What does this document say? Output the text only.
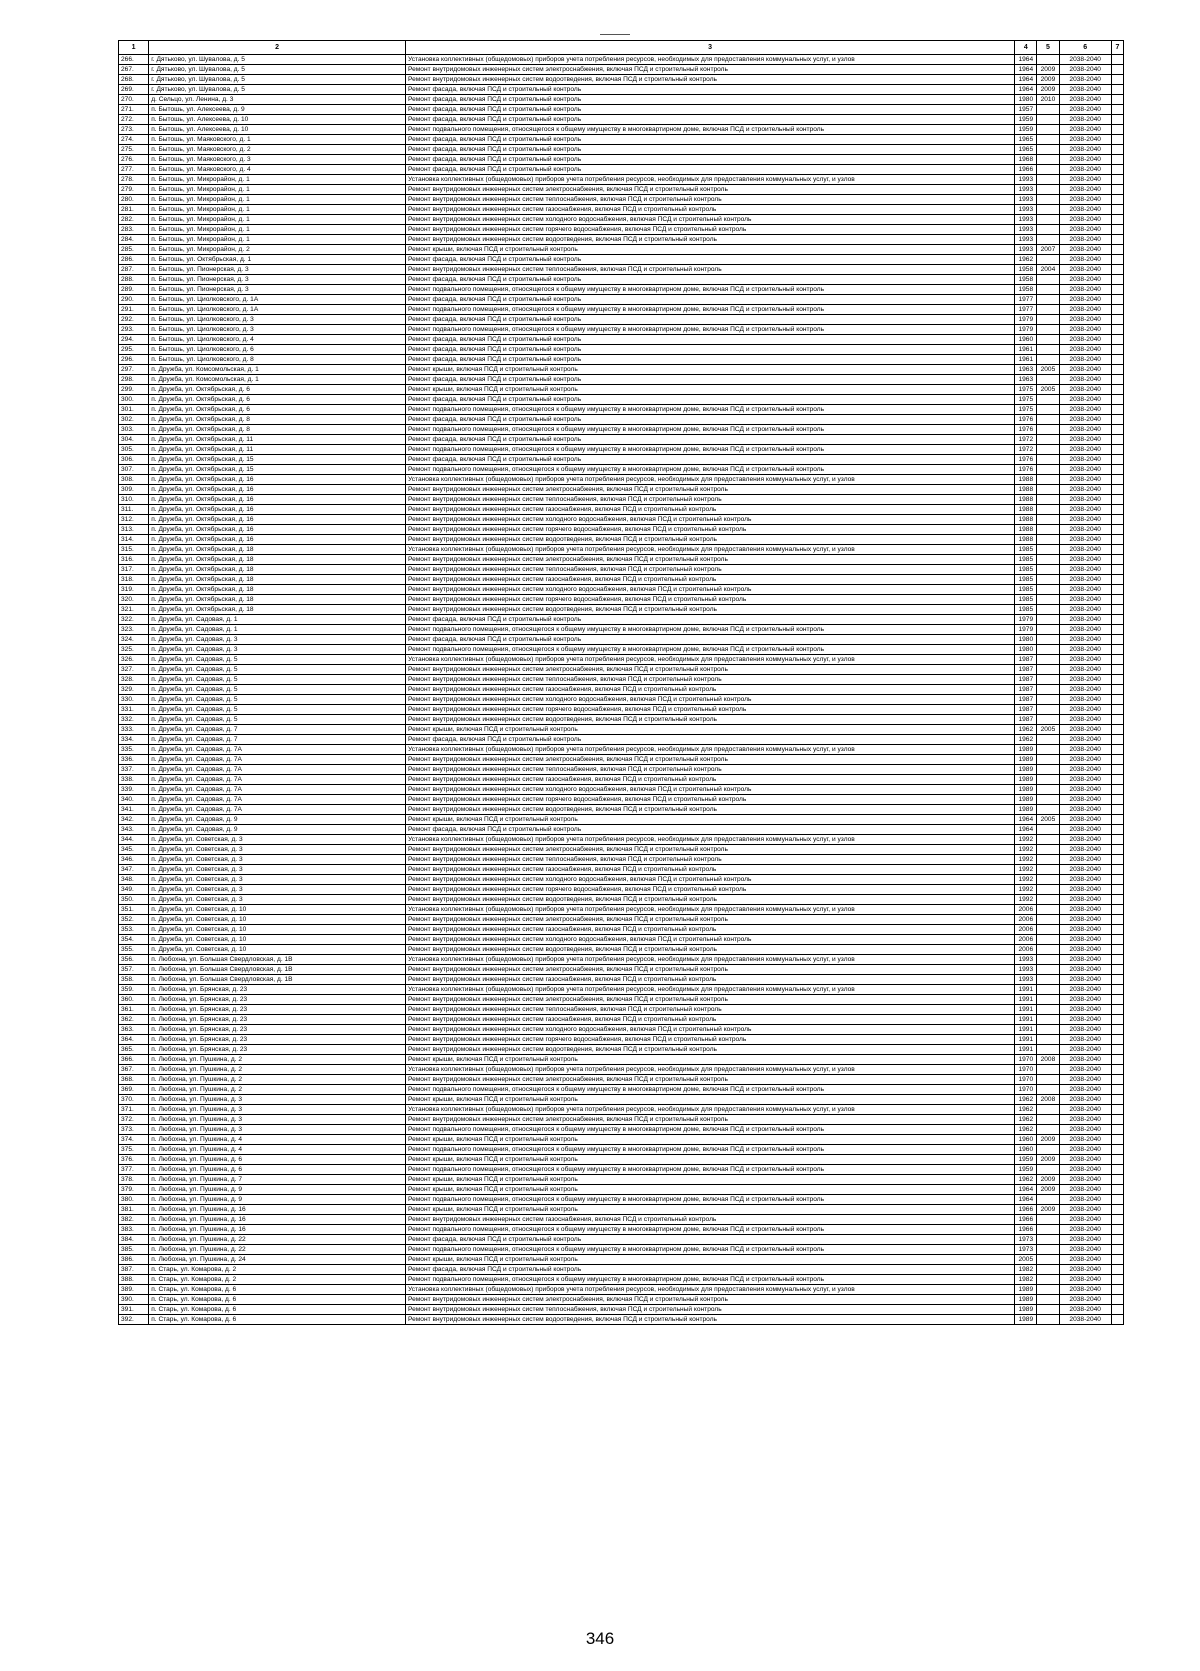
1	2	3	4	5	6	7
266.	г. Дятьково, ул. Шувалова, д. 5	Установка коллективных (общедомовых) приборов учета потребления ресурсов, необходимых для предоставления коммунальных услуг, и узлов	1964		2038-2040	
267.	г. Дятьково, ул. Шувалова, д. 5	Ремонт внутридомовых инженерных систем электроснабжения, включая ПСД и строительный контроль	1964	2009	2038-2040	
268.	г. Дятьково, ул. Шувалова, д. 5	Ремонт внутридомовых инженерных систем водоотведения, включая ПСД и строительный контроль	1964	2009	2038-2040	
269.	г. Дятьково, ул. Шувалова, д. 5	Ремонт фасада, включая ПСД и строительный контроль	1964	2009	2038-2040	
270.	д. Сельцо, ул. Ленина, д. 3	Ремонт фасада, включая ПСД и строительный контроль	1980	2010	2038-2040	
271.	п. Бытошь, ул. Алексеева, д. 9	Ремонт фасада, включая ПСД и строительный контроль	1957		2038-2040	
272.	п. Бытошь, ул. Алексеева, д. 10	Ремонт фасада, включая ПСД и строительный контроль	1959		2038-2040	
273.	п. Бытошь, ул. Алексеева, д. 10	Ремонт подвального помещения, относящегося к общему имуществу в многоквартирном доме, включая ПСД и строительный контроль	1959		2038-2040	
274.	п. Бытошь, ул. Маяковского, д. 1	Ремонт фасада, включая ПСД и строительный контроль	1965		2038-2040	
275.	п. Бытошь, ул. Маяковского, д. 2	Ремонт фасада, включая ПСД и строительный контроль	1965		2038-2040	
276.	п. Бытошь, ул. Маяковского, д. 3	Ремонт фасада, включая ПСД и строительный контроль	1968		2038-2040	
277.	п. Бытошь, ул. Маяковского, д. 4	Ремонт фасада, включая ПСД и строительный контроль	1966		2038-2040	
278.	п. Бытошь, ул. Микрорайон, д. 1	Установка коллективных (общедомовых) приборов учета потребления ресурсов, необходимых для предоставления коммунальных услуг, и узлов	1993		2038-2040	
279.	п. Бытошь, ул. Микрорайон, д. 1	Ремонт внутридомовых инженерных систем электроснабжения, включая ПСД и строительный контроль	1993		2038-2040	
280.	п. Бытошь, ул. Микрорайон, д. 1	Ремонт внутридомовых инженерных систем теплоснабжения, включая ПСД и строительный контроль	1993		2038-2040	
281.	п. Бытошь, ул. Микрорайон, д. 1	Ремонт внутридомовых инженерных систем газоснабжения, включая ПСД и строительный контроль	1993		2038-2040	
282.	п. Бытошь, ул. Микрорайон, д. 1	Ремонт внутридомовых инженерных систем холодного водоснабжения, включая ПСД и строительный контроль	1993		2038-2040	
283.	п. Бытошь, ул. Микрорайон, д. 1	Ремонт внутридомовых инженерных систем горячего водоснабжения, включая ПСД и строительный контроль	1993		2038-2040	
284.	п. Бытошь, ул. Микрорайон, д. 1	Ремонт внутридомовых инженерных систем водоотведения, включая ПСД и строительный контроль	1993		2038-2040	
285.	п. Бытошь, ул. Микрорайон, д. 2	Ремонт крыши, включая ПСД и строительный контроль	1993	2007	2038-2040	
286.	п. Бытошь, ул. Октябрьская, д. 1	Ремонт фасада, включая ПСД и строительный контроль	1962		2038-2040	
287.	п. Бытошь, ул. Пионерская, д. 3	Ремонт внутридомовых инженерных систем теплоснабжения, включая ПСД и строительный контроль	1958	2004	2038-2040	
288.	п. Бытошь, ул. Пионерская, д. 3	Ремонт фасада, включая ПСД и строительный контроль	1958		2038-2040	
289.	п. Бытошь, ул. Пионерская, д. 3	Ремонт подвального помещения, относящегося к общему имуществу в многоквартирном доме, включая ПСД и строительный контроль	1958		2038-2040	
290.	п. Бытошь, ул. Циолковского, д. 1А	Ремонт фасада, включая ПСД и строительный контроль	1977		2038-2040	
291.	п. Бытошь, ул. Циолковского, д. 1А	Ремонт подвального помещения, относящегося к общему имуществу в многоквартирном доме, включая ПСД и строительный контроль	1977		2038-2040	
292.	п. Бытошь, ул. Циолковского, д. 3	Ремонт фасада, включая ПСД и строительный контроль	1979		2038-2040	
293.	п. Бытошь, ул. Циолковского, д. 3	Ремонт подвального помещения, относящегося к общему имуществу в многоквартирном доме, включая ПСД и строительный контроль	1979		2038-2040	
294.	п. Бытошь, ул. Циолковского, д. 4	Ремонт фасада, включая ПСД и строительный контроль	1960		2038-2040	
295.	п. Бытошь, ул. Циолковского, д. 6	Ремонт фасада, включая ПСД и строительный контроль	1961		2038-2040	
296.	п. Бытошь, ул. Циолковского, д. 8	Ремонт фасада, включая ПСД и строительный контроль	1961		2038-2040	
297.	п. Дружба, ул. Комсомольская, д. 1	Ремонт крыши, включая ПСД и строительный контроль	1963	2005	2038-2040	
298.	п. Дружба, ул. Комсомольская, д. 1	Ремонт фасада, включая ПСД и строительный контроль	1963		2038-2040	
299.	п. Дружба, ул. Октябрьская, д. 6	Ремонт крыши, включая ПСД и строительный контроль	1975	2005	2038-2040	
300.	п. Дружба, ул. Октябрьская, д. 6	Ремонт фасада, включая ПСД и строительный контроль	1975		2038-2040	
301.	п. Дружба, ул. Октябрьская, д. 6	Ремонт подвального помещения, относящегося к общему имуществу в многоквартирном доме, включая ПСД и строительный контроль	1975		2038-2040	
302.	п. Дружба, ул. Октябрьская, д. 8	Ремонт фасада, включая ПСД и строительный контроль	1976		2038-2040	
303.	п. Дружба, ул. Октябрьская, д. 8	Ремонт подвального помещения, относящегося к общему имуществу в многоквартирном доме, включая ПСД и строительный контроль	1976		2038-2040	
304.	п. Дружба, ул. Октябрьская, д. 11	Ремонт фасада, включая ПСД и строительный контроль	1972		2038-2040	
305.	п. Дружба, ул. Октябрьская, д. 11	Ремонт подвального помещения, относящегося к общему имуществу в многоквартирном доме, включая ПСД и строительный контроль	1972		2038-2040	
306.	п. Дружба, ул. Октябрьская, д. 15	Ремонт фасада, включая ПСД и строительный контроль	1976		2038-2040	
307.	п. Дружба, ул. Октябрьская, д. 15	Ремонт подвального помещения, относящегося к общему имуществу в многоквартирном доме, включая ПСД и строительный контроль	1976		2038-2040	
308.	п. Дружба, ул. Октябрьская, д. 16	Установка коллективных (общедомовых) приборов учета потребления ресурсов, необходимых для предоставления коммунальных услуг, и узлов	1988		2038-2040	
309.	п. Дружба, ул. Октябрьская, д. 16	Ремонт внутридомовых инженерных систем электроснабжения, включая ПСД и строительный контроль	1988		2038-2040	
310.	п. Дружба, ул. Октябрьская, д. 16	Ремонт внутридомовых инженерных систем теплоснабжения, включая ПСД и строительный контроль	1988		2038-2040	
311.	п. Дружба, ул. Октябрьская, д. 16	Ремонт внутридомовых инженерных систем газоснабжения, включая ПСД и строительный контроль	1988		2038-2040	
312.	п. Дружба, ул. Октябрьская, д. 16	Ремонт внутридомовых инженерных систем холодного водоснабжения, включая ПСД и строительный контроль	1988		2038-2040	
313.	п. Дружба, ул. Октябрьская, д. 16	Ремонт внутридомовых инженерных систем горячего водоснабжения, включая ПСД и строительный контроль	1988		2038-2040	
314.	п. Дружба, ул. Октябрьская, д. 16	Ремонт внутридомовых инженерных систем водоотведения, включая ПСД и строительный контроль	1988		2038-2040	
315.	п. Дружба, ул. Октябрьская, д. 18	Установка коллективных (общедомовых) приборов учета потребления ресурсов, необходимых для предоставления коммунальных услуг, и узлов	1985		2038-2040	
316.	п. Дружба, ул. Октябрьская, д. 18	Ремонт внутридомовых инженерных систем электроснабжения, включая ПСД и строительный контроль	1985		2038-2040	
317.	п. Дружба, ул. Октябрьская, д. 18	Ремонт внутридомовых инженерных систем теплоснабжения, включая ПСД и строительный контроль	1985		2038-2040	
318.	п. Дружба, ул. Октябрьская, д. 18	Ремонт внутридомовых инженерных систем газоснабжения, включая ПСД и строительный контроль	1985		2038-2040	
319.	п. Дружба, ул. Октябрьская, д. 18	Ремонт внутридомовых инженерных систем холодного водоснабжения, включая ПСД и строительный контроль	1985		2038-2040	
320.	п. Дружба, ул. Октябрьская, д. 18	Ремонт внутридомовых инженерных систем горячего водоснабжения, включая ПСД и строительный контроль	1985		2038-2040	
321.	п. Дружба, ул. Октябрьская, д. 18	Ремонт внутридомовых инженерных систем водоотведения, включая ПСД и строительный контроль	1985		2038-2040	
322.	п. Дружба, ул. Садовая, д. 1	Ремонт фасада, включая ПСД и строительный контроль	1979		2038-2040	
323.	п. Дружба, ул. Садовая, д. 1	Ремонт подвального помещения, относящегося к общему имуществу в многоквартирном доме, включая ПСД и строительный контроль	1979		2038-2040	
324.	п. Дружба, ул. Садовая, д. 3	Ремонт фасада, включая ПСД и строительный контроль	1980		2038-2040	
325.	п. Дружба, ул. Садовая, д. 3	Ремонт подвального помещения, относящегося к общему имуществу в многоквартирном доме, включая ПСД и строительный контроль	1980		2038-2040	
326.	п. Дружба, ул. Садовая, д. 5	Установка коллективных (общедомовых) приборов учета потребления ресурсов, необходимых для предоставления коммунальных услуг, и узлов	1987		2038-2040	
327.	п. Дружба, ул. Садовая, д. 5	Ремонт внутридомовых инженерных систем электроснабжения, включая ПСД и строительный контроль	1987		2038-2040	
328.	п. Дружба, ул. Садовая, д. 5	Ремонт внутридомовых инженерных систем теплоснабжения, включая ПСД и строительный контроль	1987		2038-2040	
329.	п. Дружба, ул. Садовая, д. 5	Ремонт внутридомовых инженерных систем газоснабжения, включая ПСД и строительный контроль	1987		2038-2040	
330.	п. Дружба, ул. Садовая, д. 5	Ремонт внутридомовых инженерных систем холодного водоснабжения, включая ПСД и строительный контроль	1987		2038-2040	
331.	п. Дружба, ул. Садовая, д. 5	Ремонт внутридомовых инженерных систем горячего водоснабжения, включая ПСД и строительный контроль	1987		2038-2040	
332.	п. Дружба, ул. Садовая, д. 5	Ремонт внутридомовых инженерных систем водоотведения, включая ПСД и строительный контроль	1987		2038-2040	
333.	п. Дружба, ул. Садовая, д. 7	Ремонт крыши, включая ПСД и строительный контроль	1962	2005	2038-2040	
334.	п. Дружба, ул. Садовая, д. 7	Ремонт фасада, включая ПСД и строительный контроль	1962		2038-2040	
335.	п. Дружба, ул. Садовая, д. 7А	Установка коллективных (общедомовых) приборов учета потребления ресурсов, необходимых для предоставления коммунальных услуг, и узлов	1989		2038-2040	
336.	п. Дружба, ул. Садовая, д. 7А	Ремонт внутридомовых инженерных систем электроснабжения, включая ПСД и строительный контроль	1989		2038-2040	
337.	п. Дружба, ул. Садовая, д. 7А	Ремонт внутридомовых инженерных систем теплоснабжения, включая ПСД и строительный контроль	1989		2038-2040	
338.	п. Дружба, ул. Садовая, д. 7А	Ремонт внутридомовых инженерных систем газоснабжения, включая ПСД и строительный контроль	1989		2038-2040	
339.	п. Дружба, ул. Садовая, д. 7А	Ремонт внутридомовых инженерных систем холодного водоснабжения, включая ПСД и строительный контроль	1989		2038-2040	
340.	п. Дружба, ул. Садовая, д. 7А	Ремонт внутридомовых инженерных систем горячего водоснабжения, включая ПСД и строительный контроль	1989		2038-2040	
341.	п. Дружба, ул. Садовая, д. 7А	Ремонт внутридомовых инженерных систем водоотведения, включая ПСД и строительный контроль	1989		2038-2040	
342.	п. Дружба, ул. Садовая, д. 9	Ремонт крыши, включая ПСД и строительный контроль	1964	2005	2038-2040	
343.	п. Дружба, ул. Садовая, д. 9	Ремонт фасада, включая ПСД и строительный контроль	1964		2038-2040	
344.	п. Дружба, ул. Советская, д. 3	Установка коллективных (общедомовых) приборов учета потребления ресурсов, необходимых для предоставления коммунальных услуг, и узлов	1992		2038-2040	
345.	п. Дружба, ул. Советская, д. 3	Ремонт внутридомовых инженерных систем электроснабжения, включая ПСД и строительный контроль	1992		2038-2040	
346.	п. Дружба, ул. Советская, д. 3	Ремонт внутридомовых инженерных систем теплоснабжения, включая ПСД и строительный контроль	1992		2038-2040	
347.	п. Дружба, ул. Советская, д. 3	Ремонт внутридомовых инженерных систем газоснабжения, включая ПСД и строительный контроль	1992		2038-2040	
348.	п. Дружба, ул. Советская, д. 3	Ремонт внутридомовых инженерных систем холодного водоснабжения, включая ПСД и строительный контроль	1992		2038-2040	
349.	п. Дружба, ул. Советская, д. 3	Ремонт внутридомовых инженерных систем горячего водоснабжения, включая ПСД и строительный контроль	1992		2038-2040	
350.	п. Дружба, ул. Советская, д. 3	Ремонт внутридомовых инженерных систем водоотведения, включая ПСД и строительный контроль	1992		2038-2040	
351.	п. Дружба, ул. Советская, д. 10	Установка коллективных (общедомовых) приборов учета потребления ресурсов, необходимых для предоставления коммунальных услуг, и узлов	2006		2038-2040	
352.	п. Дружба, ул. Советская, д. 10	Ремонт внутридомовых инженерных систем электроснабжения, включая ПСД и строительный контроль	2006		2038-2040	
353.	п. Дружба, ул. Советская, д. 10	Ремонт внутридомовых инженерных систем газоснабжения, включая ПСД и строительный контроль	2006		2038-2040	
354.	п. Дружба, ул. Советская, д. 10	Ремонт внутридомовых инженерных систем холодного водоснабжения, включая ПСД и строительный контроль	2006		2038-2040	
355.	п. Дружба, ул. Советская, д. 10	Ремонт внутридомовых инженерных систем водоотведения, включая ПСД и строительный контроль	2006		2038-2040	
356.	п. Любохна, ул. Большая Свердловская, д. 1В	Установка коллективных (общедомовых) приборов учета потребления ресурсов, необходимых для предоставления коммунальных услуг, и узлов	1993		2038-2040	
357.	п. Любохна, ул. Большая Свердловская, д. 1В	Ремонт внутридомовых инженерных систем электроснабжения, включая ПСД и строительный контроль	1993		2038-2040	
358.	п. Любохна, ул. Большая Свердловская, д. 1В	Ремонт внутридомовых инженерных систем газоснабжения, включая ПСД и строительный контроль	1993		2038-2040	
359.	п. Любохна, ул. Брянская, д. 23	Установка коллективных (общедомовых) приборов учета потребления ресурсов, необходимых для предоставления коммунальных услуг, и узлов	1991		2038-2040	
360.	п. Любохна, ул. Брянская, д. 23	Ремонт внутридомовых инженерных систем электроснабжения, включая ПСД и строительный контроль	1991		2038-2040	
361.	п. Любохна, ул. Брянская, д. 23	Ремонт внутридомовых инженерных систем теплоснабжения, включая ПСД и строительный контроль	1991		2038-2040	
362.	п. Любохна, ул. Брянская, д. 23	Ремонт внутридомовых инженерных систем газоснабжения, включая ПСД и строительный контроль	1991		2038-2040	
363.	п. Любохна, ул. Брянская, д. 23	Ремонт внутридомовых инженерных систем холодного водоснабжения, включая ПСД и строительный контроль	1991		2038-2040	
364.	п. Любохна, ул. Брянская, д. 23	Ремонт внутридомовых инженерных систем горячего водоснабжения, включая ПСД и строительный контроль	1991		2038-2040	
365.	п. Любохна, ул. Брянская, д. 23	Ремонт внутридомовых инженерных систем водоотведения, включая ПСД и строительный контроль	1991		2038-2040	
366.	п. Любохна, ул. Пушкина, д. 2	Ремонт крыши, включая ПСД и строительный контроль	1970	2008	2038-2040	
367.	п. Любохна, ул. Пушкина, д. 2	Установка коллективных (общедомовых) приборов учета потребления ресурсов, необходимых для предоставления коммунальных услуг, и узлов	1970		2038-2040	
368.	п. Любохна, ул. Пушкина, д. 2	Ремонт внутридомовых инженерных систем электроснабжения, включая ПСД и строительный контроль	1970		2038-2040	
369.	п. Любохна, ул. Пушкина, д. 2	Ремонт подвального помещения, относящегося к общему имуществу в многоквартирном доме, включая ПСД и строительный контроль	1970		2038-2040	
370.	п. Любохна, ул. Пушкина, д. 3	Ремонт крыши, включая ПСД и строительный контроль	1962	2008	2038-2040	
371.	п. Любохна, ул. Пушкина, д. 3	Установка коллективных (общедомовых) приборов учета потребления ресурсов, необходимых для предоставления коммунальных услуг, и узлов	1962		2038-2040	
372.	п. Любохна, ул. Пушкина, д. 3	Ремонт внутридомовых инженерных систем электроснабжения, включая ПСД и строительный контроль	1962		2038-2040	
373.	п. Любохна, ул. Пушкина, д. 3	Ремонт подвального помещения, относящегося к общему имуществу в многоквартирном доме, включая ПСД и строительный контроль	1962		2038-2040	
374.	п. Любохна, ул. Пушкина, д. 4	Ремонт крыши, включая ПСД и строительный контроль	1960	2009	2038-2040	
375.	п. Любохна, ул. Пушкина, д. 4	Ремонт подвального помещения, относящегося к общему имуществу в многоквартирном доме, включая ПСД и строительный контроль	1960		2038-2040	
376.	п. Любохна, ул. Пушкина, д. 6	Ремонт крыши, включая ПСД и строительный контроль	1959	2009	2038-2040	
377.	п. Любохна, ул. Пушкина, д. 6	Ремонт подвального помещения, относящегося к общему имуществу в многоквартирном доме, включая ПСД и строительный контроль	1959		2038-2040	
378.	п. Любохна, ул. Пушкина, д. 7	Ремонт крыши, включая ПСД и строительный контроль	1962	2009	2038-2040	
379.	п. Любохна, ул. Пушкина, д. 9	Ремонт крыши, включая ПСД и строительный контроль	1964	2009	2038-2040	
380.	п. Любохна, ул. Пушкина, д. 9	Ремонт подвального помещения, относящегося к общему имуществу в многоквартирном доме, включая ПСД и строительный контроль	1964		2038-2040	
381.	п. Любохна, ул. Пушкина, д. 16	Ремонт крыши, включая ПСД и строительный контроль	1966	2009	2038-2040	
382.	п. Любохна, ул. Пушкина, д. 16	Ремонт внутридомовых инженерных систем газоснабжения, включая ПСД и строительный контроль	1966		2038-2040	
383.	п. Любохна, ул. Пушкина, д. 16	Ремонт подвального помещения, относящегося к общему имуществу в многоквартирном доме, включая ПСД и строительный контроль	1966		2038-2040	
384.	п. Любохна, ул. Пушкина, д. 22	Ремонт фасада, включая ПСД и строительный контроль	1973		2038-2040	
385.	п. Любохна, ул. Пушкина, д. 22	Ремонт подвального помещения, относящегося к общему имуществу в многоквартирном доме, включая ПСД и строительный контроль	1973		2038-2040	
386.	п. Любохна, ул. Пушкина, д. 24	Ремонт крыши, включая ПСД и строительный контроль	2005		2038-2040	
387.	п. Старь, ул. Комарова, д. 2	Ремонт фасада, включая ПСД и строительный контроль	1982		2038-2040	
388.	п. Старь, ул. Комарова, д. 2	Ремонт подвального помещения, относящегося к общему имуществу в многоквартирном доме, включая ПСД и строительный контроль	1982		2038-2040	
389.	п. Старь, ул. Комарова, д. 6	Установка коллективных (общедомовых) приборов учета потребления ресурсов, необходимых для предоставления коммунальных услуг, и узлов	1989		2038-2040	
390.	п. Старь, ул. Комарова, д. 6	Ремонт внутридомовых инженерных систем электроснабжения, включая ПСД и строительный контроль	1989		2038-2040	
391.	п. Старь, ул. Комарова, д. 6	Ремонт внутридомовых инженерных систем теплоснабжения, включая ПСД и строительный контроль	1989		2038-2040	
392.	п. Старь, ул. Комарова, д. 6	Ремонт внутридомовых инженерных систем водоотведения, включая ПСД и строительный контроль	1989		2038-2040	
346
